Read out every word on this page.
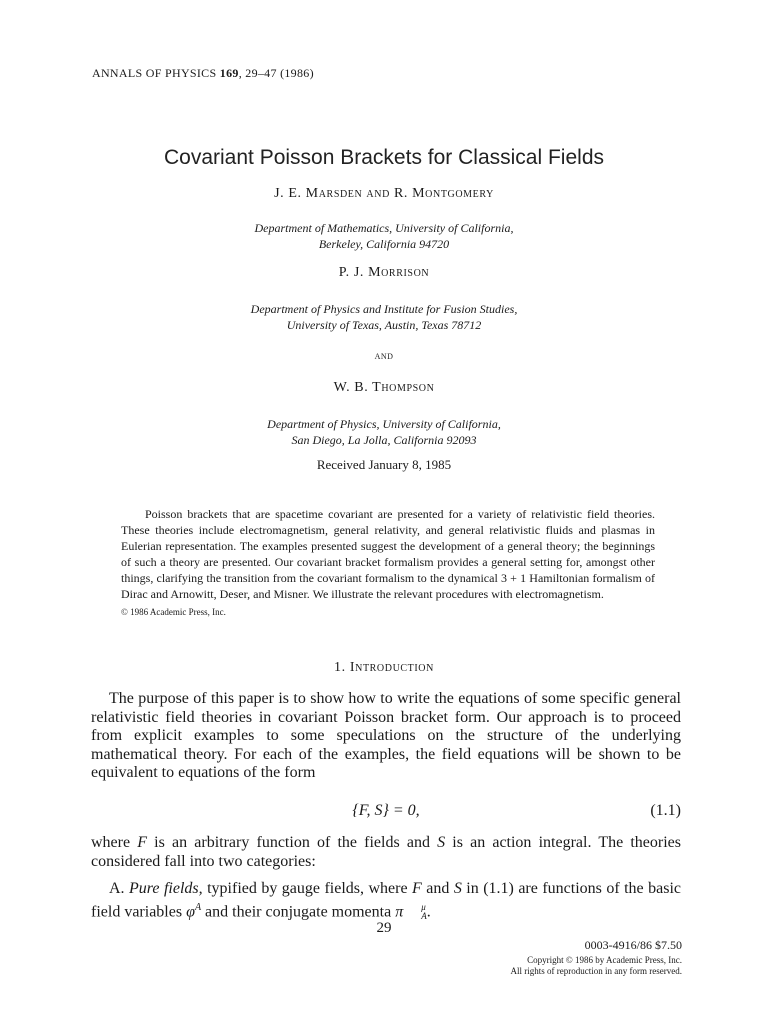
ANNALS OF PHYSICS 169, 29–47 (1986)
Covariant Poisson Brackets for Classical Fields
J. E. Marsden and R. Montgomery
Department of Mathematics, University of California,
Berkeley, California 94720
P. J. Morrison
Department of Physics and Institute for Fusion Studies,
University of Texas, Austin, Texas 78712
and
W. B. Thompson
Department of Physics, University of California,
San Diego, La Jolla, California 92093
Received January 8, 1985

Poisson brackets that are spacetime covariant are presented for a variety of relativistic field theories. These theories include electromagnetism, general relativity, and general relativistic fluids and plasmas in Eulerian representation. The examples presented suggest the development of a general theory; the beginnings of such a theory are presented. Our covariant bracket formalism provides a general setting for, amongst other things, clarifying the transition from the covariant formalism to the dynamical 3 + 1 Hamiltonian formalism of Dirac and Arnowitt, Deser, and Misner. We illustrate the relevant procedures with electromagnetism.

© 1986 Academic Press, Inc.
1. Introduction

The purpose of this paper is to show how to write the equations of some specific general relativistic field theories in covariant Poisson bracket form. Our approach is to proceed from explicit examples to some speculations on the structure of the underlying mathematical theory. For each of the examples, the field equations will be shown to be equivalent to equations of the form

{F, S} = 0,	(1.1)

where F is an arbitrary function of the fields and S is an action integral. The theories considered fall into two categories:

A. Pure fields, typified by gauge fields, where F and S in (1.1) are functions of the basic field variables $\varphi^A$ and their conjugate momenta π	μ
A .

29
0003-4916/86 $7.50
Copyright © 1986 by Academic Press, Inc.
All rights of reproduction in any form reserved.
